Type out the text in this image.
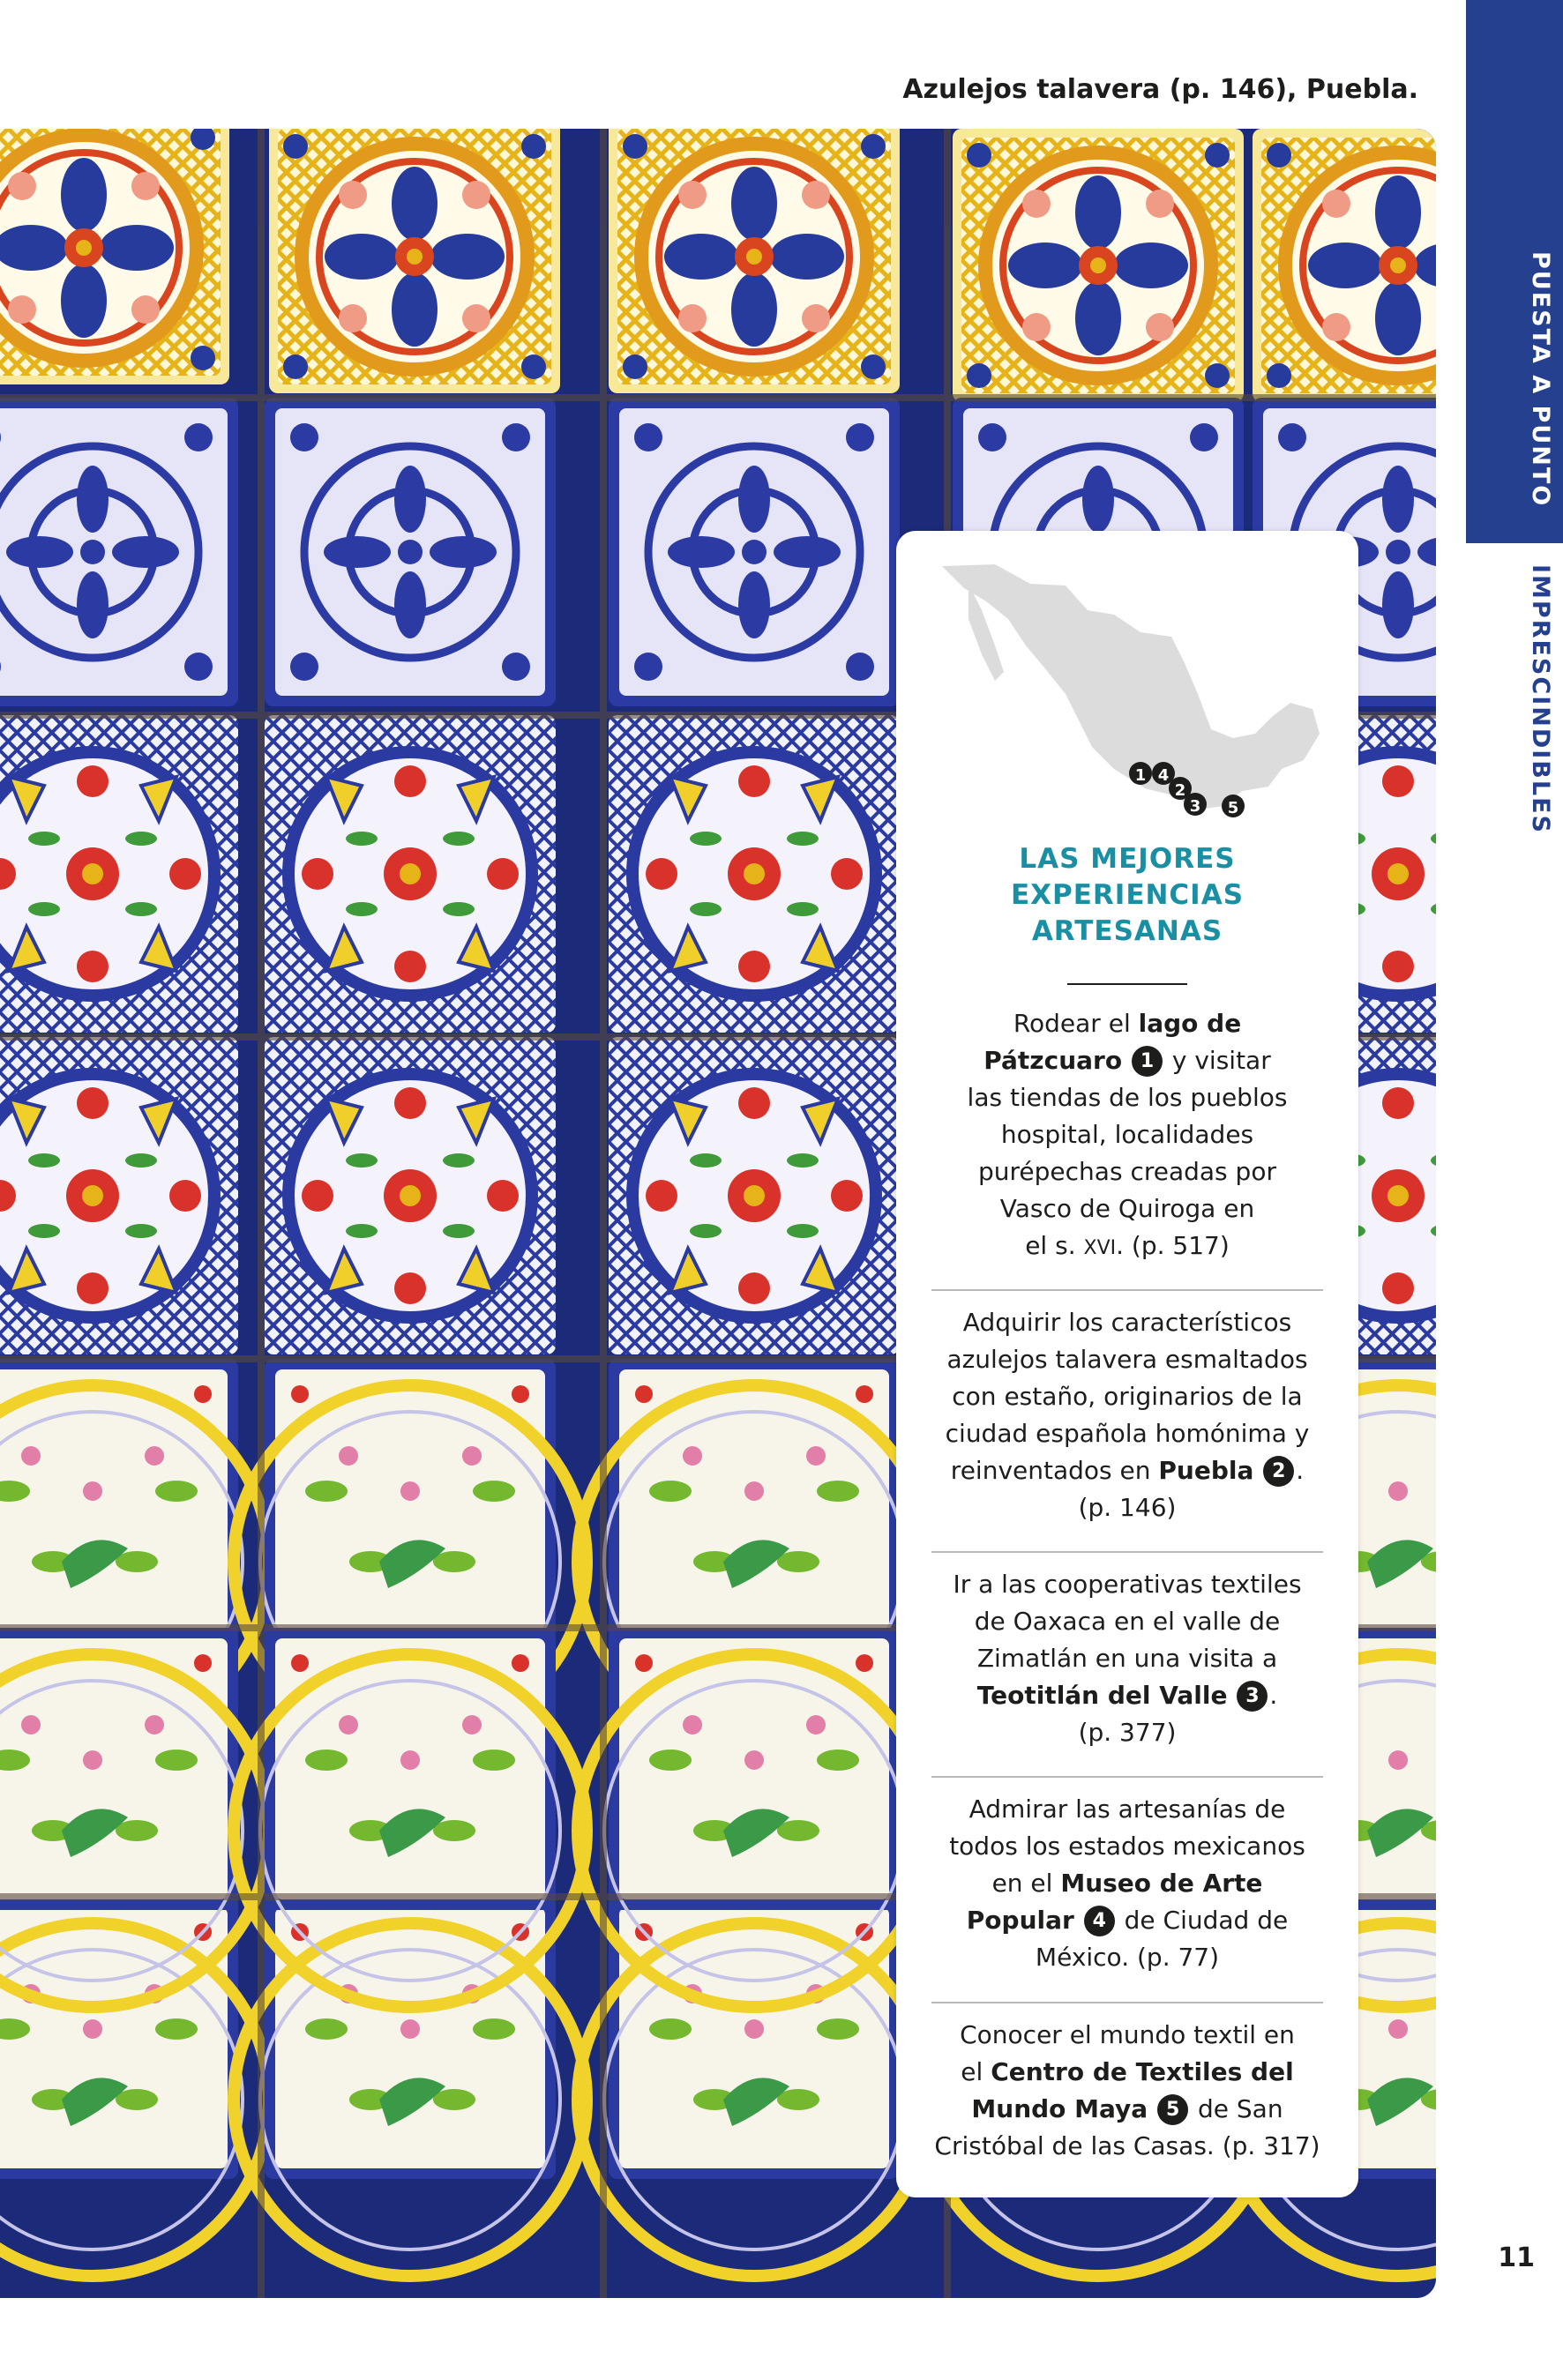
Azulejos talavera (p. 146), Puebla.
PUESTA A PUNTO
IMPRESCINDIBLES
11
1 4
2
3 5
LAS MEJORES
EXPERIENCIAS
ARTESANAS
Rodear el lago de
Pátzcuaro 1 y visitar
las tiendas de los pueblos
hospital, localidades
purépechas creadas por
Vasco de Quiroga en
el s. XVI. (p. 517)
Adquirir los característicos
azulejos talavera esmaltados
con estaño, originarios de la
ciudad española homónima y
reinventados en Puebla 2 .
(p. 146)
Ir a las cooperativas textiles
de Oaxaca en el valle de
Zimatlán en una visita a
Teotitlán del Valle 3 .
(p. 377)
Admirar las artesanías de
todos los estados mexicanos
en el Museo de Arte
Popular 4 de Ciudad de
México. (p. 77)
Conocer el mundo textil en
el Centro de Textiles del
Mundo Maya 5 de San
Cristóbal de las Casas. (p. 317)
